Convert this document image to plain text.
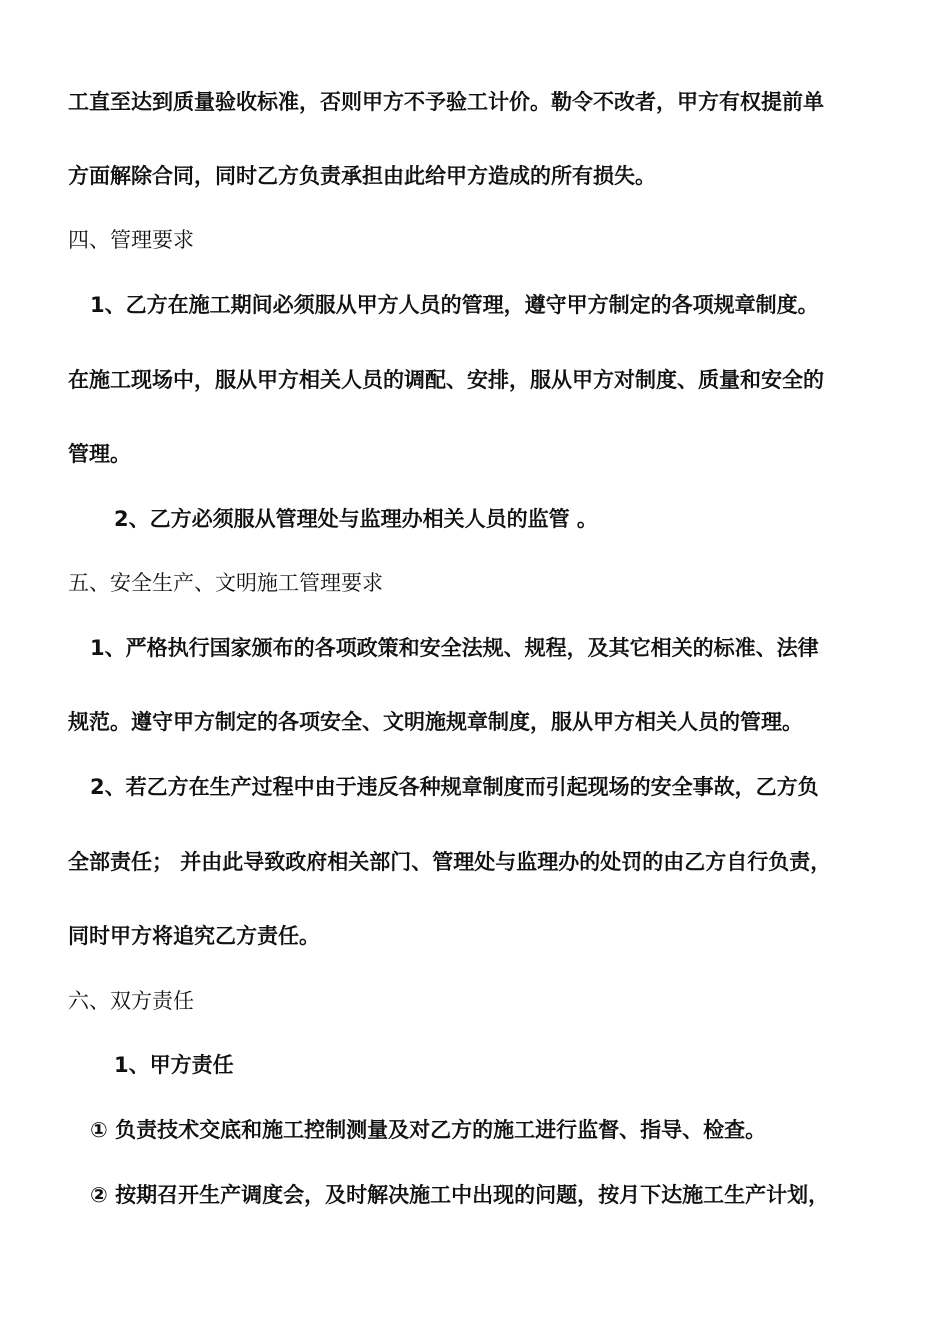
工直至达到质量验收标准，否则甲方不予验工计价。勒令不改者，甲方有权提前单
方面解除合同，同时乙方负责承担由此给甲方造成的所有损失。
四、管理要求
1、乙方在施工期间必须服从甲方人员的管理，遵守甲方制定的各项规章制度。
在施工现场中，服从甲方相关人员的调配、安排，服从甲方对制度、质量和安全的
管理。
2、乙方必须服从管理处与监理办相关人员的监管 。
五、安全生产、文明施工管理要求
1、严格执行国家颁布的各项政策和安全法规、规程，及其它相关的标准、法律
规范。遵守甲方制定的各项安全、文明施规章制度，服从甲方相关人员的管理。
2、若乙方在生产过程中由于违反各种规章制度而引起现场的安全事故，乙方负
全部责任； 并由此导致政府相关部门、管理处与监理办的处罚的由乙方自行负责，
同时甲方将追究乙方责任。
六、双方责任
1、甲方责任
① 负责技术交底和施工控制测量及对乙方的施工进行监督、指导、检查。
② 按期召开生产调度会，及时解决施工中出现的问题，按月下达施工生产计划，
